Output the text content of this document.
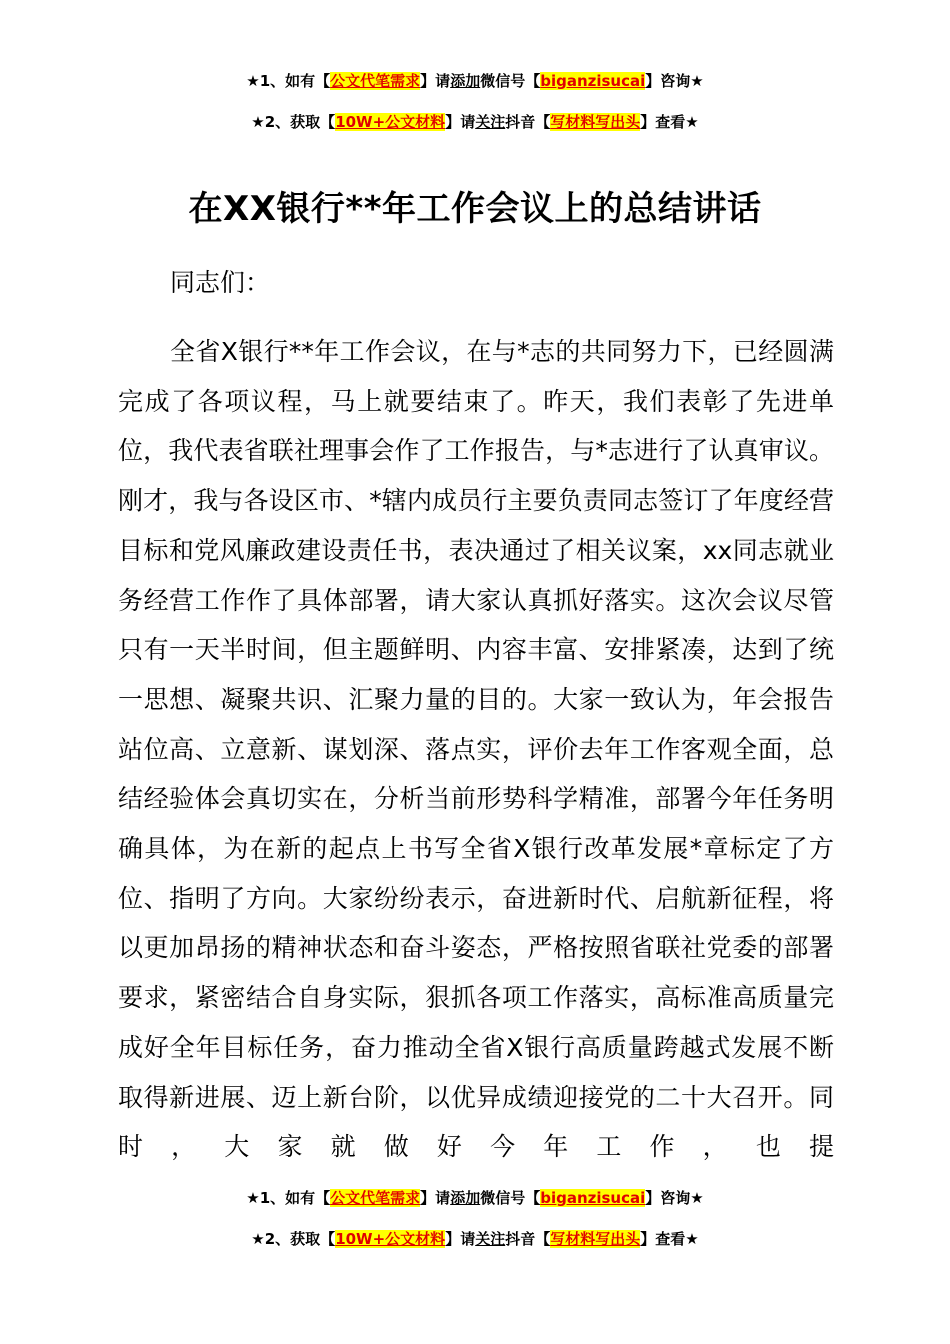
★1、如有【公文代笔需求】请添加微信号【biganzisucai】咨询★
★2、获取【10W+公文材料】请关注抖音【写材料写出头】查看★
在XX银行**年工作会议上的总结讲话
同志们：

全省X银行**年工作会议，在与*志的共同努力下，已经圆满完成了各项议程，马上就要结束了。昨天，我们表彰了先进单位，我代表省联社理事会作了工作报告，与*志进行了认真审议。刚才，我与各设区市、*辖内成员行主要负责同志签订了年度经营目标和党风廉政建设责任书，表决通过了相关议案，xx同志就业务经营工作作了具体部署，请大家认真抓好落实。这次会议尽管只有一天半时间，但主题鲜明、内容丰富、安排紧凑，达到了统一思想、凝聚共识、汇聚力量的目的。大家一致认为，年会报告站位高、立意新、谋划深、落点实，评价去年工作客观全面，总结经验体会真切实在，分析当前形势科学精准，部署今年任务明确具体，为在新的起点上书写全省X银行改革发展*章标定了方位、指明了方向。大家纷纷表示，奋进新时代、启航新征程，将以更加昂扬的精神状态和奋斗姿态，严格按照省联社党委的部署要求，紧密结合自身实际，狠抓各项工作落实，高标准高质量完成好全年目标任务，奋力推动全省X银行高质量跨越式发展不断取得新进展、迈上新台阶，以优异成绩迎接党的二十大召开。同时，大家就做好今年工作，也提

★1、如有【公文代笔需求】请添加微信号【biganzisucai】咨询★
★2、获取【10W+公文材料】请关注抖音【写材料写出头】查看★
